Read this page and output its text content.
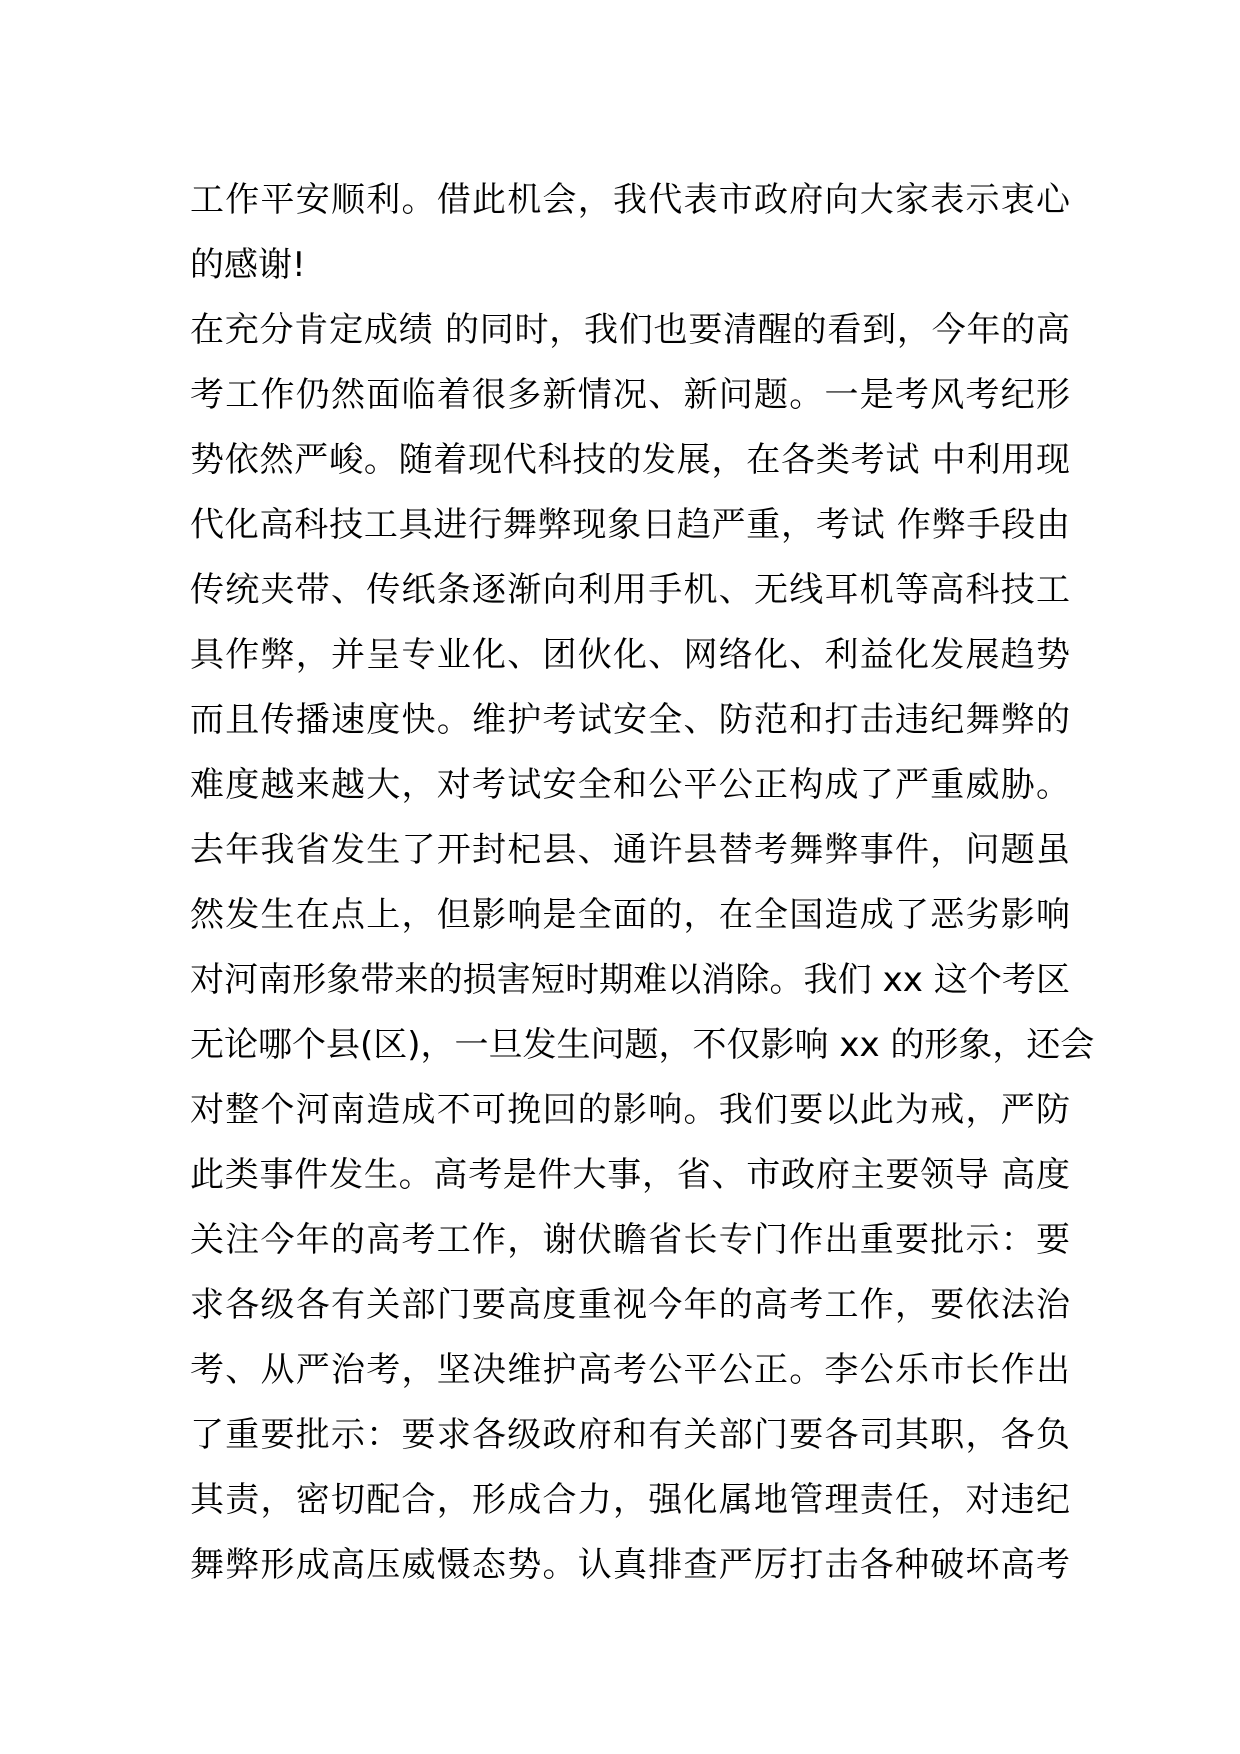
工作平安顺利。借此机会，我代表市政府向大家表示衷心
的感谢!
在充分肯定成绩 的同时，我们也要清醒的看到，今年的高
考工作仍然面临着很多新情况、新问题。一是考风考纪形
势依然严峻。随着现代科技的发展，在各类考试 中利用现
代化高科技工具进行舞弊现象日趋严重，考试 作弊手段由
传统夹带、传纸条逐渐向利用手机、无线耳机等高科技工
具作弊，并呈专业化、团伙化、网络化、利益化发展趋势
而且传播速度快。维护考试安全、防范和打击违纪舞弊的
难度越来越大，对考试安全和公平公正构成了严重威胁。
去年我省发生了开封杞县、通许县替考舞弊事件，问题虽
然发生在点上，但影响是全面的，在全国造成了恶劣影响
对河南形象带来的损害短时期难以消除。我们 xx 这个考区
无论哪个县(区)，一旦发生问题，不仅影响 xx 的形象，还会
对整个河南造成不可挽回的影响。我们要以此为戒，严防
此类事件发生。高考是件大事，省、市政府主要领导 高度
关注今年的高考工作，谢伏瞻省长专门作出重要批示：要
求各级各有关部门要高度重视今年的高考工作，要依法治
考、从严治考，坚决维护高考公平公正。李公乐市长作出
了重要批示：要求各级政府和有关部门要各司其职，各负
其责，密切配合，形成合力，强化属地管理责任，对违纪
舞弊形成高压威慑态势。认真排查严厉打击各种破坏高考
